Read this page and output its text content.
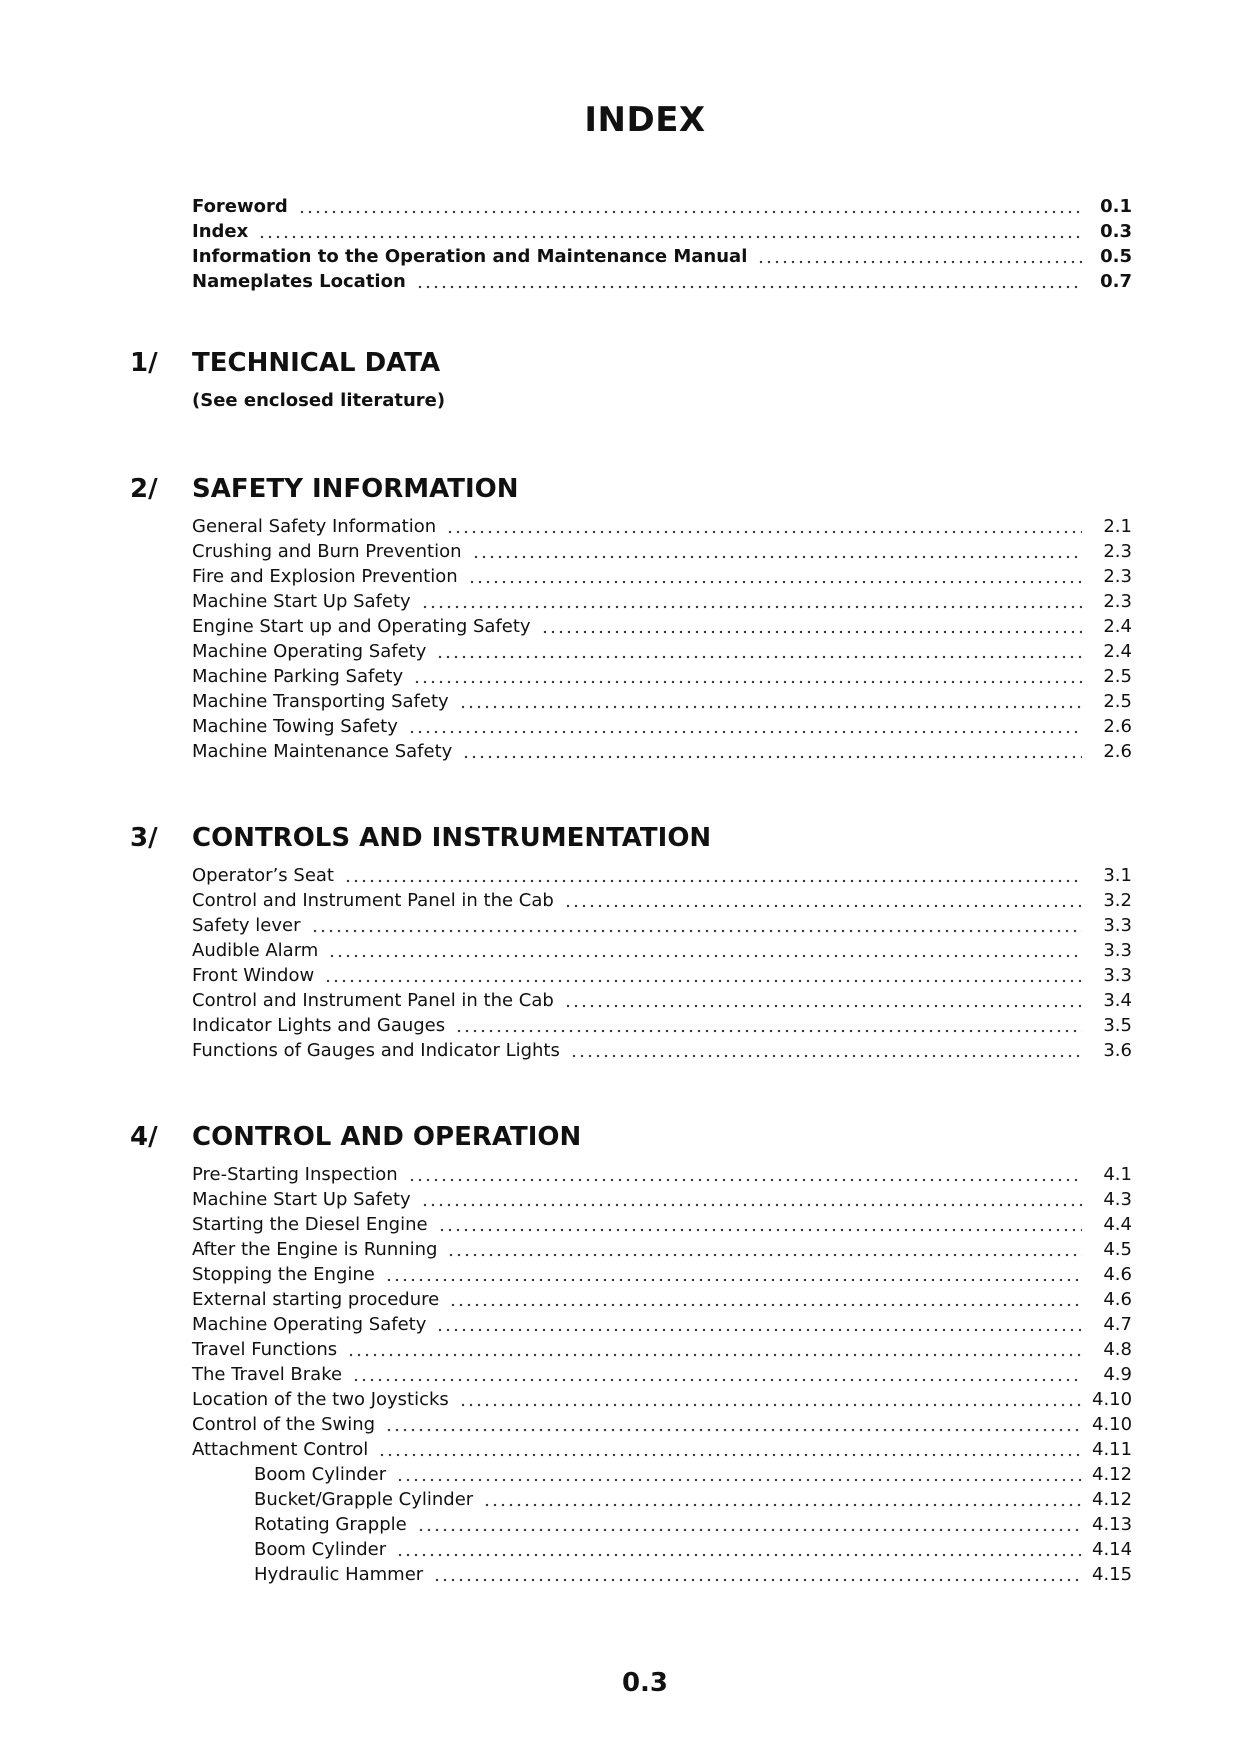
INDEX
Foreword	0.1
Index	0.3
Information to the Operation and Maintenance Manual	0.5
Nameplates Location	0.7
1/	TECHNICAL DATA
(See enclosed literature)
2/	SAFETY INFORMATION
General Safety Information	2.1
Crushing and Burn Prevention	2.3
Fire and Explosion Prevention	2.3
Machine Start Up Safety	2.3
Engine Start up and Operating Safety	2.4
Machine Operating Safety	2.4
Machine Parking Safety	2.5
Machine Transporting Safety	2.5
Machine Towing Safety	2.6
Machine Maintenance Safety	2.6
3/	CONTROLS AND INSTRUMENTATION
Operator’s Seat	3.1
Control and Instrument Panel in the Cab	3.2
Safety lever	3.3
Audible Alarm	3.3
Front Window	3.3
Control and Instrument Panel in the Cab	3.4
Indicator Lights and Gauges	3.5
Functions of Gauges and Indicator Lights	3.6
4/	CONTROL AND OPERATION
Pre-Starting Inspection	4.1
Machine Start Up Safety	4.3
Starting the Diesel Engine	4.4
After the Engine is Running	4.5
Stopping the Engine	4.6
External starting procedure	4.6
Machine Operating Safety	4.7
Travel Functions	4.8
The Travel Brake	4.9
Location of the two Joysticks	4.10
Control of the Swing	4.10
Attachment Control	4.11
Boom Cylinder	4.12
Bucket/Grapple Cylinder	4.12
Rotating Grapple	4.13
Boom Cylinder	4.14
Hydraulic Hammer	4.15
0.3
